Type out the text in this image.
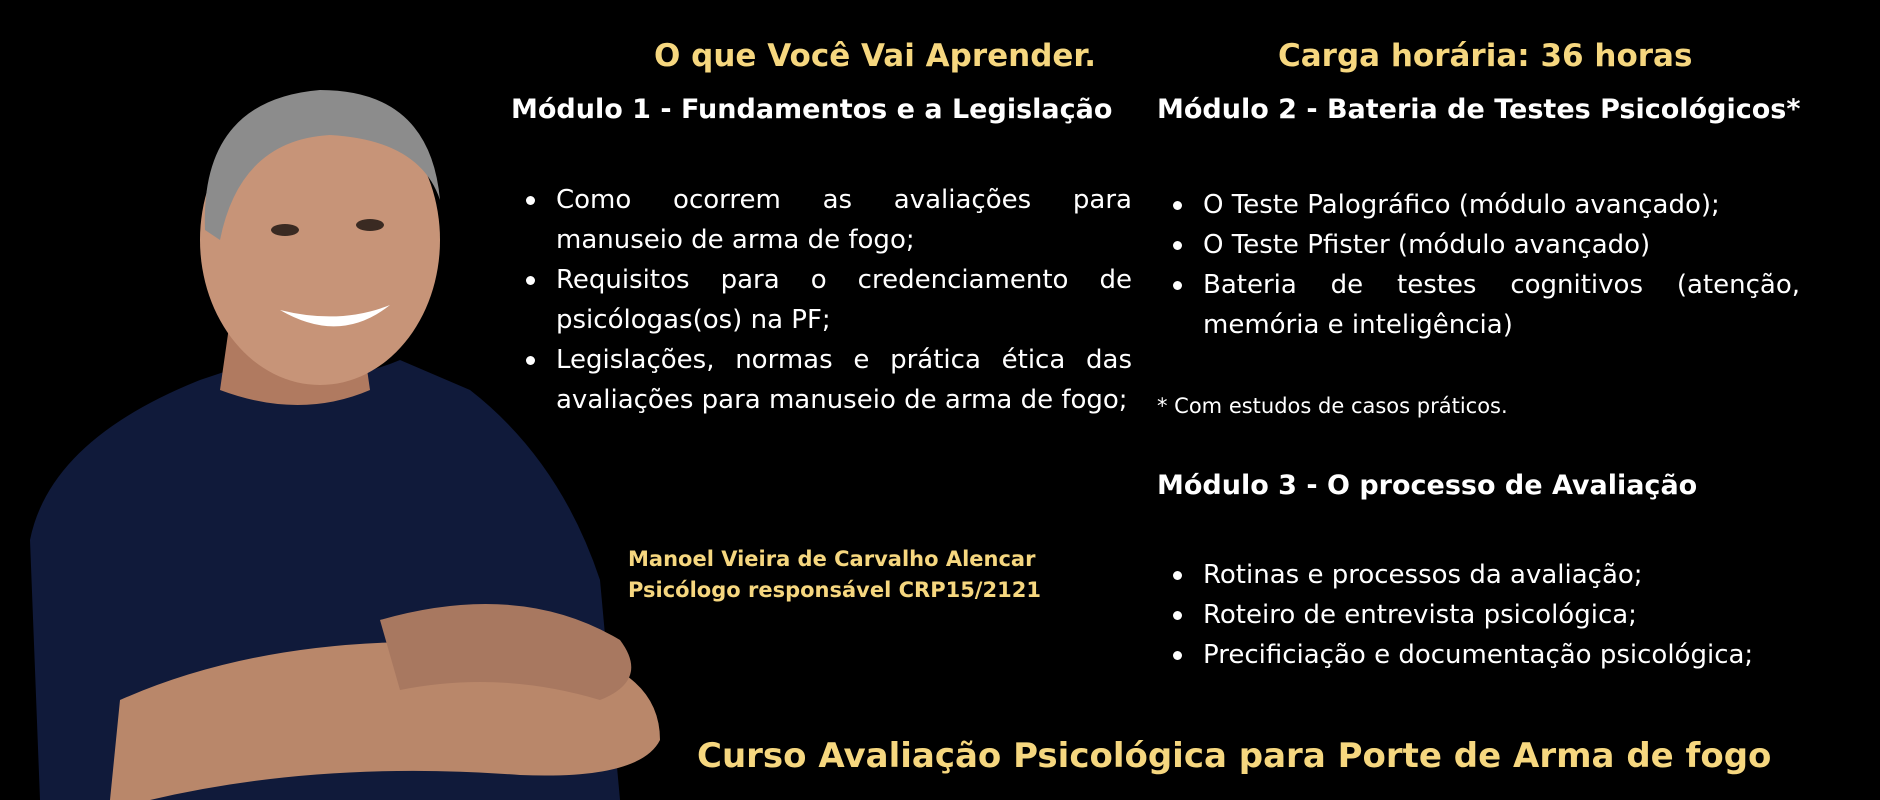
O que Você Vai Aprender.	Carga horária: 36 horas
Módulo 1 - Fundamentos e a Legislação
Como ocorrem as avaliações para manuseio de arma de fogo;
Requisitos para o credenciamento de psicólogas(os) na PF;
Legislações, normas e prática ética das avaliações para manuseio de arma de fogo;
Módulo 2 - Bateria de Testes Psicológicos*
O Teste Palográfico (módulo avançado);
O Teste Pfister (módulo avançado)
Bateria de testes cognitivos (atenção, memória e inteligência)
* Com estudos de casos práticos.
Módulo 3 - O processo de Avaliação
Rotinas e processos da avaliação;
Roteiro de entrevista psicológica;
Precificiação e documentação psicológica;
Manoel Vieira de Carvalho Alencar
Psicólogo responsável CRP15/2121
Curso Avaliação Psicológica para Porte de Arma de fogo
